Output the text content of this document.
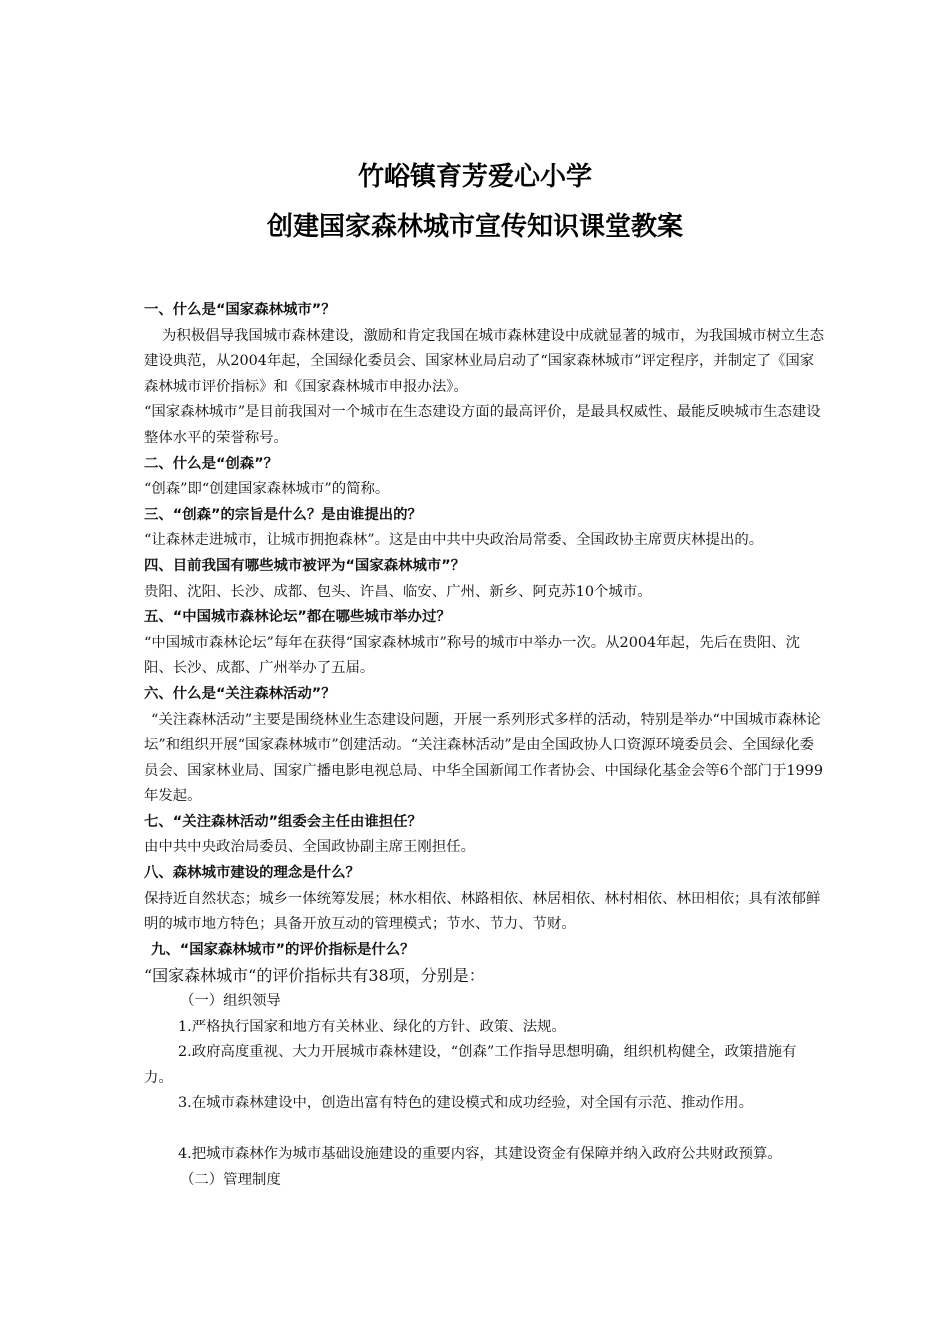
竹峪镇育芳爱心小学
创建国家森林城市宣传知识课堂教案

一、什么是“国家森林城市”？

为积极倡导我国城市森林建设，激励和肯定我国在城市森林建设中成就显著的城市，为我国城市树立生态建设典范，从2004年起，全国绿化委员会、国家林业局启动了“国家森林城市”评定程序，并制定了《国家森林城市评价指标》和《国家森林城市申报办法》。

“国家森林城市”是目前我国对一个城市在生态建设方面的最高评价，是最具权威性、最能反映城市生态建设整体水平的荣誉称号。

二、什么是“创森”？

“创森”即“创建国家森林城市”的简称。

三、“创森”的宗旨是什么？是由谁提出的？

“让森林走进城市，让城市拥抱森林”。这是由中共中央政治局常委、全国政协主席贾庆林提出的。

四、目前我国有哪些城市被评为“国家森林城市”？

贵阳、沈阳、长沙、成都、包头、许昌、临安、广州、新乡、阿克苏10个城市。

五、“中国城市森林论坛”都在哪些城市举办过？

“中国城市森林论坛”每年在获得“国家森林城市”称号的城市中举办一次。从2004年起，先后在贵阳、沈阳、长沙、成都、广州举办了五届。

六、什么是“关注森林活动”？

“关注森林活动”主要是围绕林业生态建设问题，开展一系列形式多样的活动，特别是举办“中国城市森林论坛”和组织开展“国家森林城市”创建活动。“关注森林活动”是由全国政协人口资源环境委员会、全国绿化委员会、国家林业局、国家广播电影电视总局、中华全国新闻工作者协会、中国绿化基金会等6个部门于1999年发起。

七、“关注森林活动”组委会主任由谁担任？

由中共中央政治局委员、全国政协副主席王刚担任。

八、森林城市建设的理念是什么？

保持近自然状态；城乡一体统筹发展；林水相依、林路相依、林居相依、林村相依、林田相依；具有浓郁鲜明的城市地方特色；具备开放互动的管理模式；节水、节力、节财。

九、“国家森林城市”的评价指标是什么？

“国家森林城市“的评价指标共有38项，分别是：

（一）组织领导

1.严格执行国家和地方有关林业、绿化的方针、政策、法规。

2.政府高度重视、大力开展城市森林建设，“创森”工作指导思想明确，组织机构健全，政策措施有力。

3.在城市森林建设中，创造出富有特色的建设模式和成功经验，对全国有示范、推动作用。

4.把城市森林作为城市基础设施建设的重要内容，其建设资金有保障并纳入政府公共财政预算。

（二）管理制度
